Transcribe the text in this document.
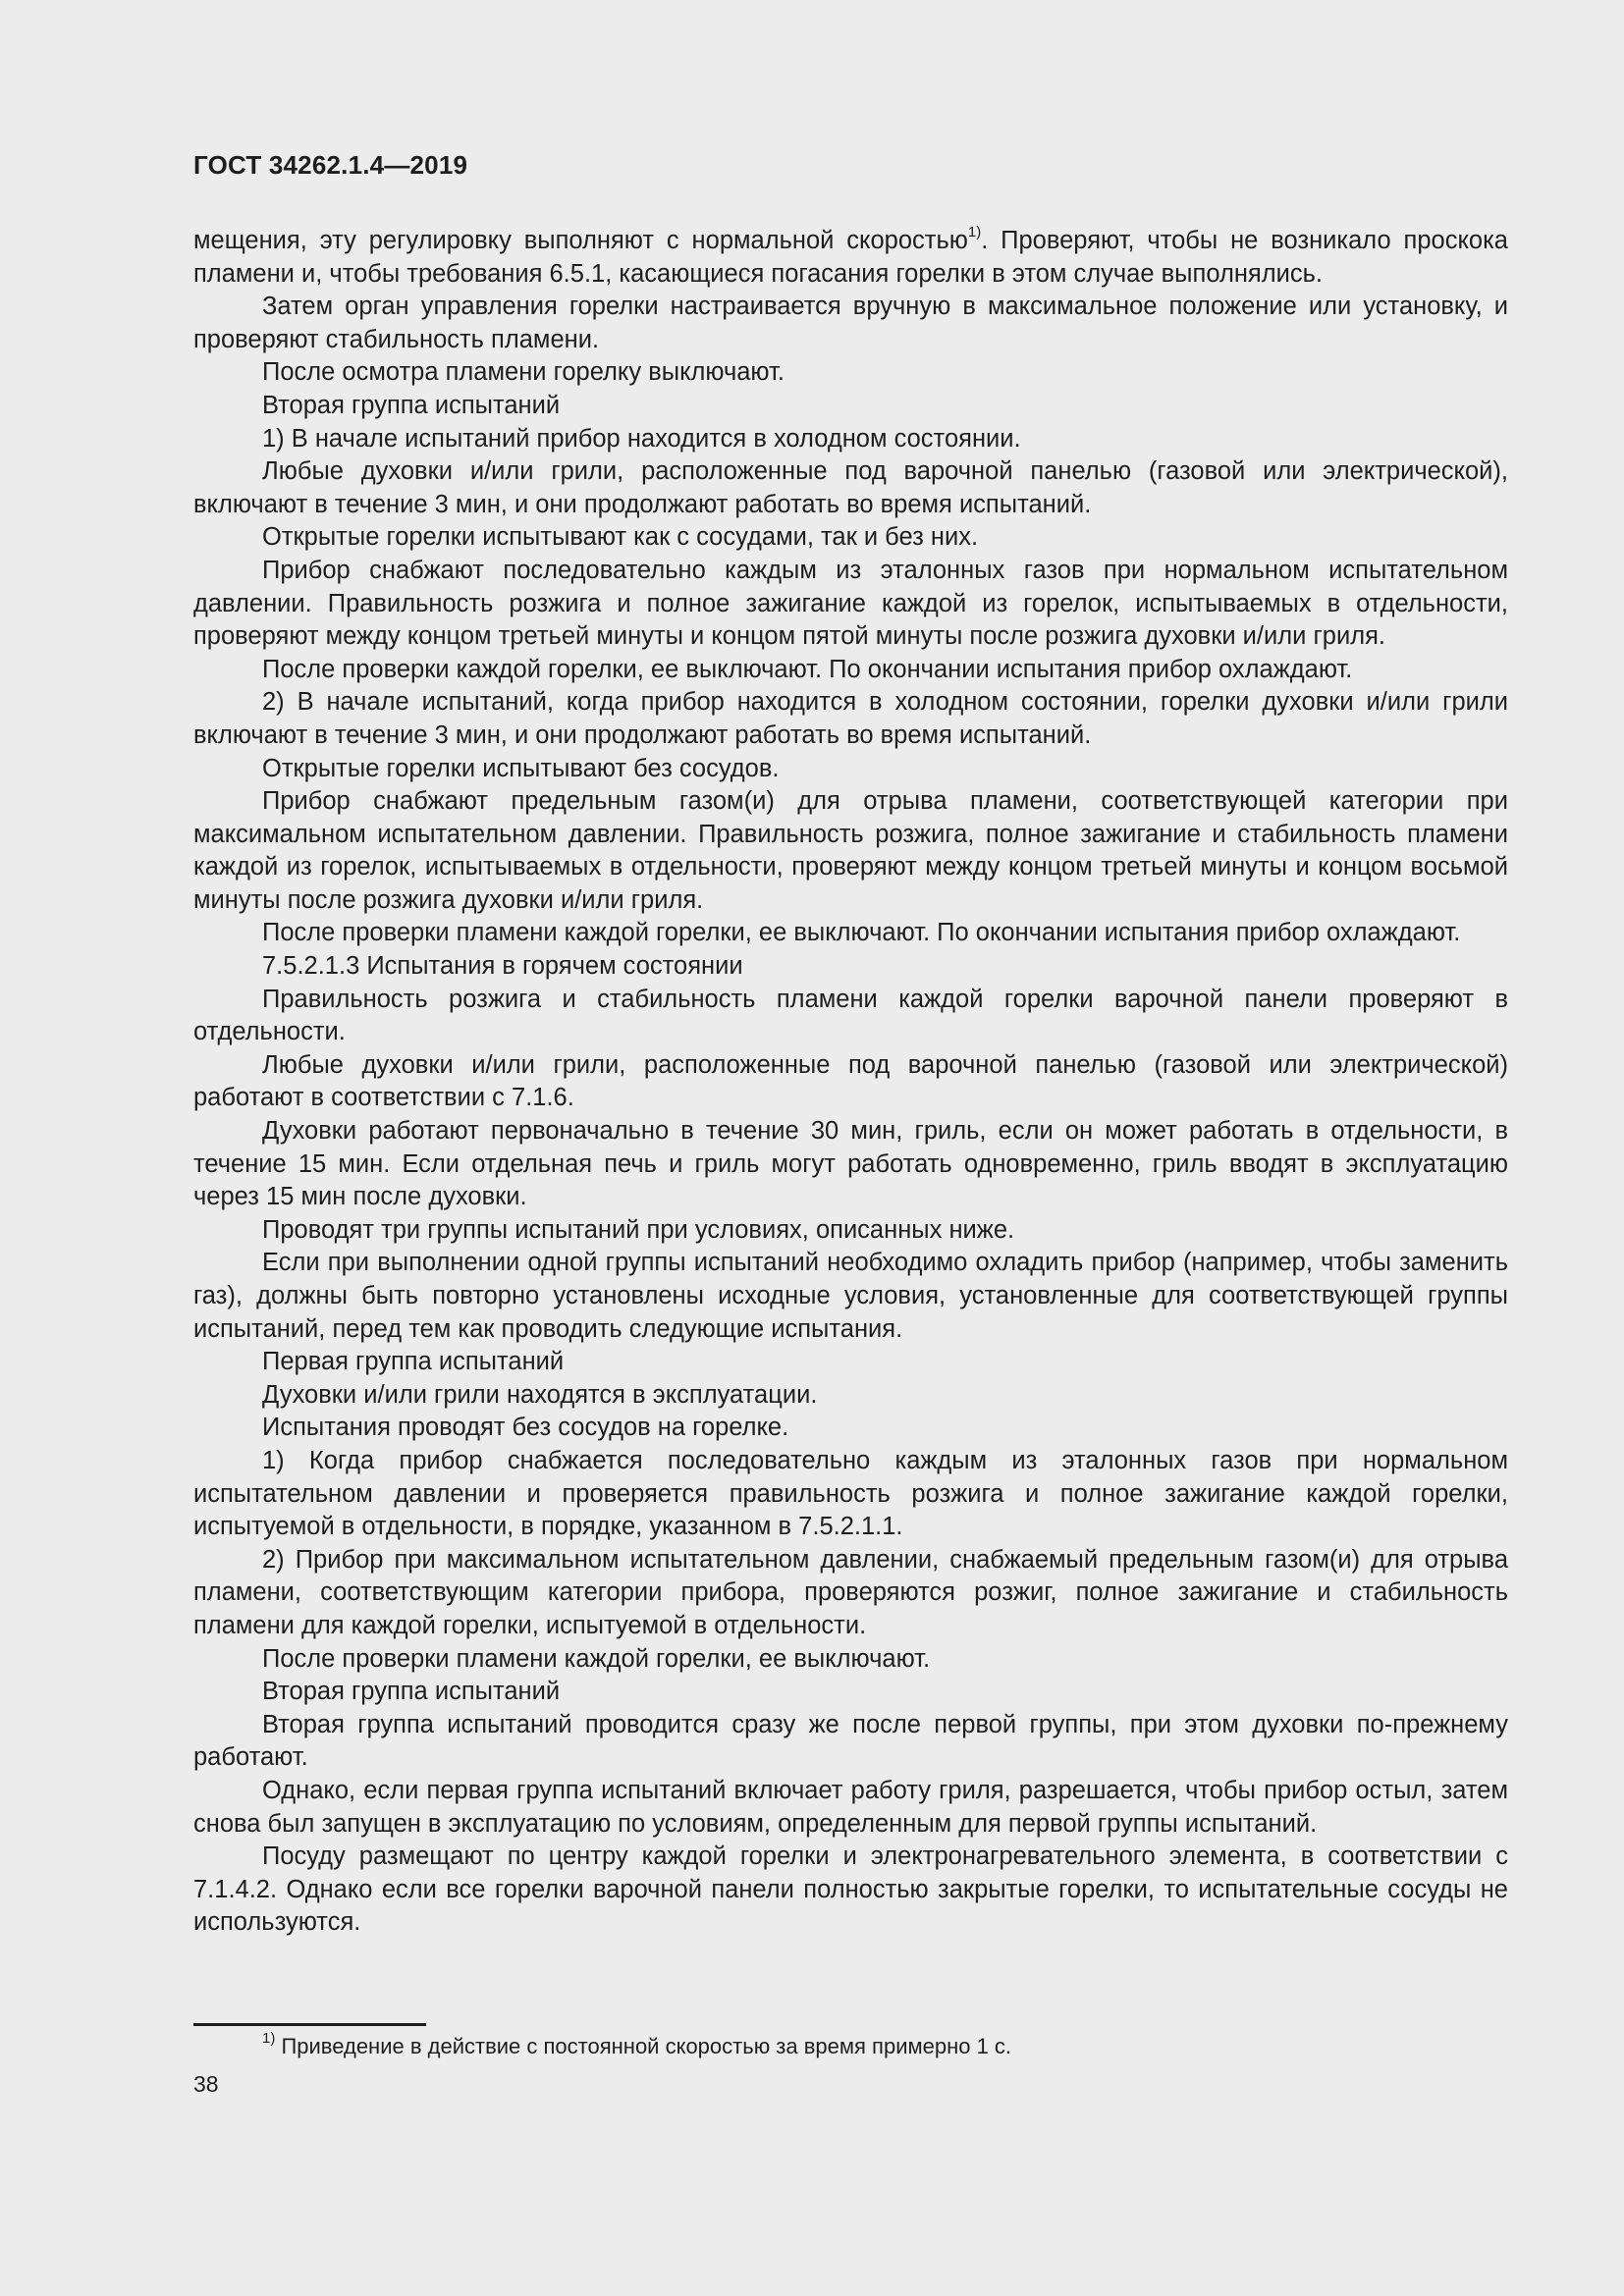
ГОСТ 34262.1.4—2019

мещения, эту регулировку выполняют с нормальной скоростью$^{1)}$. Проверяют, чтобы не возникало проскока пламени и, чтобы требования 6.5.1, касающиеся погасания горелки в этом случае выполнялись.

Затем орган управления горелки настраивается вручную в максимальное положение или установку, и проверяют стабильность пламени.

После осмотра пламени горелку выключают.

Вторая группа испытаний

1) В начале испытаний прибор находится в холодном состоянии.

Любые духовки и/или грили, расположенные под варочной панелью (газовой или электрической), включают в течение 3 мин, и они продолжают работать во время испытаний.

Открытые горелки испытывают как с сосудами, так и без них.

Прибор снабжают последовательно каждым из эталонных газов при нормальном испытательном давлении. Правильность розжига и полное зажигание каждой из горелок, испытываемых в отдельности, проверяют между концом третьей минуты и концом пятой минуты после розжига духовки и/или гриля.

После проверки каждой горелки, ее выключают. По окончании испытания прибор охлаждают.

2) В начале испытаний, когда прибор находится в холодном состоянии, горелки духовки и/или грили включают в течение 3 мин, и они продолжают работать во время испытаний.

Открытые горелки испытывают без сосудов.

Прибор снабжают предельным газом(и) для отрыва пламени, соответствующей категории при максимальном испытательном давлении. Правильность розжига, полное зажигание и стабильность пламени каждой из горелок, испытываемых в отдельности, проверяют между концом третьей минуты и концом восьмой минуты после розжига духовки и/или гриля.

После проверки пламени каждой горелки, ее выключают. По окончании испытания прибор охлаждают.

7.5.2.1.3 Испытания в горячем состоянии

Правильность розжига и стабильность пламени каждой горелки варочной панели проверяют в отдельности.

Любые духовки и/или грили, расположенные под варочной панелью (газовой или электрической) работают в соответствии с 7.1.6.

Духовки работают первоначально в течение 30 мин, гриль, если он может работать в отдельности, в течение 15 мин. Если отдельная печь и гриль могут работать одновременно, гриль вводят в эксплуатацию через 15 мин после духовки.

Проводят три группы испытаний при условиях, описанных ниже.

Если при выполнении одной группы испытаний необходимо охладить прибор (например, чтобы заменить газ), должны быть повторно установлены исходные условия, установленные для соответствующей группы испытаний, перед тем как проводить следующие испытания.

Первая группа испытаний

Духовки и/или грили находятся в эксплуатации.

Испытания проводят без сосудов на горелке.

1) Когда прибор снабжается последовательно каждым из эталонных газов при нормальном испытательном давлении и проверяется правильность розжига и полное зажигание каждой горелки, испытуемой в отдельности, в порядке, указанном в 7.5.2.1.1.

2) Прибор при максимальном испытательном давлении, снабжаемый предельным газом(и) для отрыва пламени, соответствующим категории прибора, проверяются розжиг, полное зажигание и стабильность пламени для каждой горелки, испытуемой в отдельности.

После проверки пламени каждой горелки, ее выключают.

Вторая группа испытаний

Вторая группа испытаний проводится сразу же после первой группы, при этом духовки по-прежнему работают.

Однако, если первая группа испытаний включает работу гриля, разрешается, чтобы прибор остыл, затем снова был запущен в эксплуатацию по условиям, определенным для первой группы испытаний.

Посуду размещают по центру каждой горелки и электронагревательного элемента, в соответствии с 7.1.4.2. Однако если все горелки варочной панели полностью закрытые горелки, то испытательные сосуды не используются.

$^{1)}$ Приведение в действие с постоянной скоростью за время примерно 1 с.
38
